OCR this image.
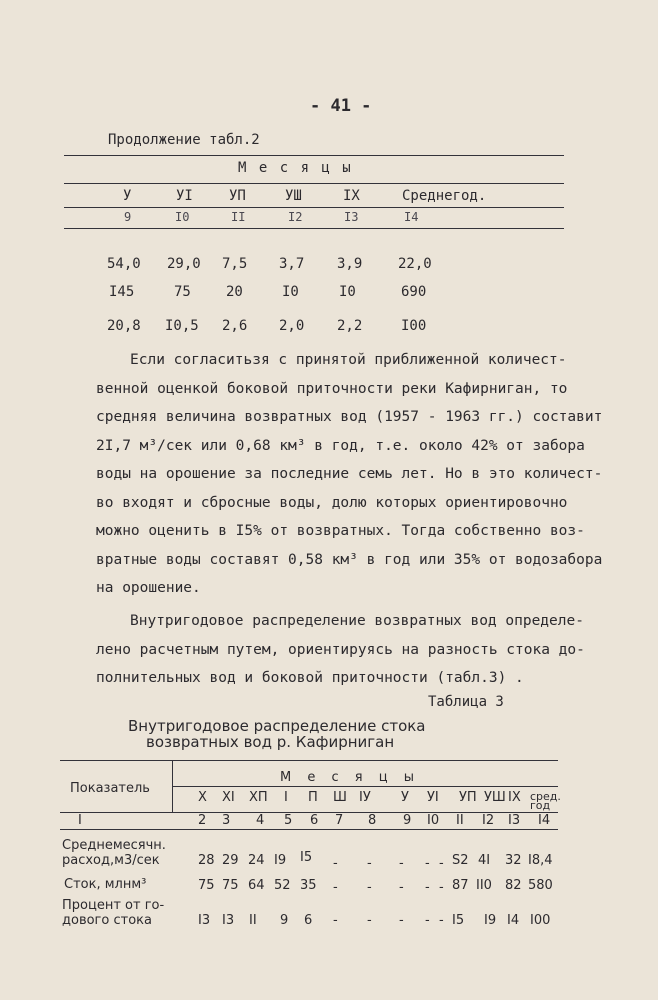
- 41 -
Продолжение табл.2
М е с я ц ы
У	УI	УП	УШ	IX	Среднегод.
9	I0	II	I2	I3	I4
54,0 29,0 7,5 3,7 3,9	22,0
I45	75	20	I0	I0	690
20,8 I0,5 2,6 2,0 2,2	I00
Если согласитьзя с принятой приближенной количест-
венной оценкой боковой приточности реки Кафирниган, то
средняя величина возвратных вод (1957 - 1963 гг.) составит
2I,7 м³/сек или 0,68 км³ в год, т.е. около 42% от забора
воды на орошение за последние семь лет. Но в это количест-
во входят и сбросные воды, долю которых ориентировочно
можно оценить в I5% от возвратных. Тогда собственно воз-
вратные воды составят 0,58 км³ в год или 35% от водозабора
на орошение.
Внутригодовое распределение возвратных вод определе-
лено расчетным путем, ориентируясь на разность стока до-
полнительных вод и боковой приточности (табл.3) .
Таблица 3
Внутригодовое распределение стока
возвратных вод р. Кафирниган
Показатель
М е с я ц ы
X XI XП I П Ш IУ У УI УП УШ IX сред. год
I	2 3 4 5 6 7 8 9 I0 II I2 I3 I4
Среднемесячн.
расход,м3/сек	28 29 24 I9 I5 - - - - - S2 4I 32 I8,4
Сток, млнм³	75 75 64 52 35 - - - - - 87 II0 82 580
Процент от го-
дового стока	I3 I3 II 9 6 - - - - - I5 I9 I4 I00
